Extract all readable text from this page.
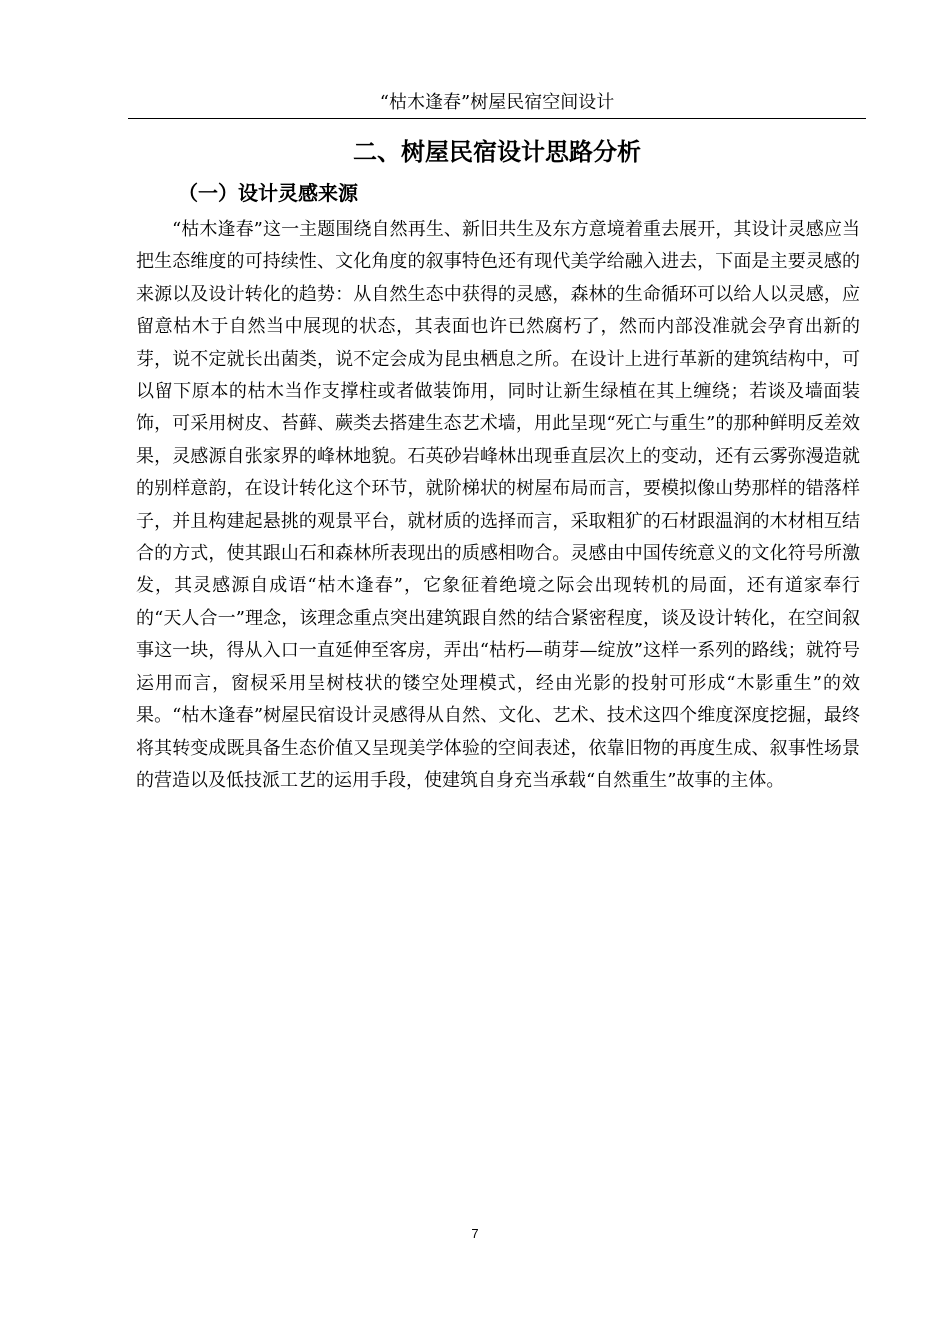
“枯木逢春”树屋民宿空间设计
二、树屋民宿设计思路分析
（一）设计灵感来源

“枯木逢春”这一主题围绕自然再生、新旧共生及东方意境着重去展开，其设计灵感应当把生态维度的可持续性、文化角度的叙事特色还有现代美学给融入进去，下面是主要灵感的来源以及设计转化的趋势：从自然生态中获得的灵感，森林的生命循环可以给人以灵感，应留意枯木于自然当中展现的状态，其表面也许已然腐朽了，然而内部没准就会孕育出新的芽，说不定就长出菌类，说不定会成为昆虫栖息之所。在设计上进行革新的建筑结构中，可以留下原本的枯木当作支撑柱或者做装饰用，同时让新生绿植在其上缠绕；若谈及墙面装饰，可采用树皮、苔藓、蕨类去搭建生态艺术墙，用此呈现“死亡与重生”的那种鲜明反差效果，灵感源自张家界的峰林地貌。石英砂岩峰林出现垂直层次上的变动，还有云雾弥漫造就的别样意韵，在设计转化这个环节，就阶梯状的树屋布局而言，要模拟像山势那样的错落样子，并且构建起悬挑的观景平台，就材质的选择而言，采取粗犷的石材跟温润的木材相互结合的方式，使其跟山石和森林所表现出的质感相吻合。灵感由中国传统意义的文化符号所激发，其灵感源自成语“枯木逢春”，它象征着绝境之际会出现转机的局面，还有道家奉行的“天人合一”理念，该理念重点突出建筑跟自然的结合紧密程度，谈及设计转化，在空间叙事这一块，得从入口一直延伸至客房，弄出“枯朽—萌芽—绽放”这样一系列的路线；就符号运用而言，窗棂采用呈树枝状的镂空处理模式，经由光影的投射可形成“木影重生”的效果。“枯木逢春”树屋民宿设计灵感得从自然、文化、艺术、技术这四个维度深度挖掘，最终将其转变成既具备生态价值又呈现美学体验的空间表述，依靠旧物的再度生成、叙事性场景的营造以及低技派工艺的运用手段，使建筑自身充当承载“自然重生”故事的主体。

7
